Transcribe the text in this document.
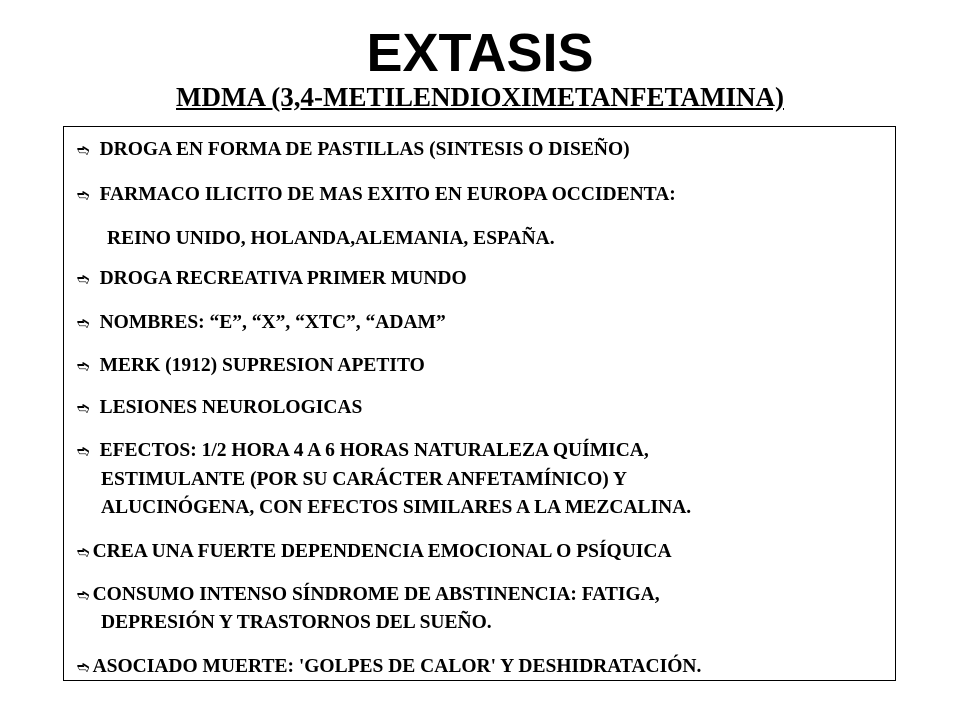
EXTASIS
MDMA (3,4-METILENDIOXIMETANFETAMINA)
➬ DROGA EN FORMA DE PASTILLAS (SINTESIS O DISEÑO)
➬ FARMACO ILICITO DE MAS EXITO EN EUROPA OCCIDENTA:
REINO UNIDO, HOLANDA,ALEMANIA, ESPAÑA.
➬ DROGA RECREATIVA PRIMER MUNDO
➬ NOMBRES: “E”, “X”, “XTC”, “ADAM”
➬ MERK (1912) SUPRESION APETITO
➬ LESIONES NEUROLOGICAS
➬ EFECTOS: 1/2 HORA 4 A 6 HORAS NATURALEZA QUÍMICA,
ESTIMULANTE (POR SU CARÁCTER ANFETAMÍNICO) Y
ALUCINÓGENA, CON EFECTOS SIMILARES A LA MEZCALINA.
➬ CREA UNA FUERTE DEPENDENCIA EMOCIONAL O PSÍQUICA
➬ CONSUMO INTENSO SÍNDROME DE ABSTINENCIA: FATIGA,
DEPRESIÓN Y TRASTORNOS DEL SUEÑO.
➬ ASOCIADO MUERTE: 'GOLPES DE CALOR' Y DESHIDRATACIÓN.
